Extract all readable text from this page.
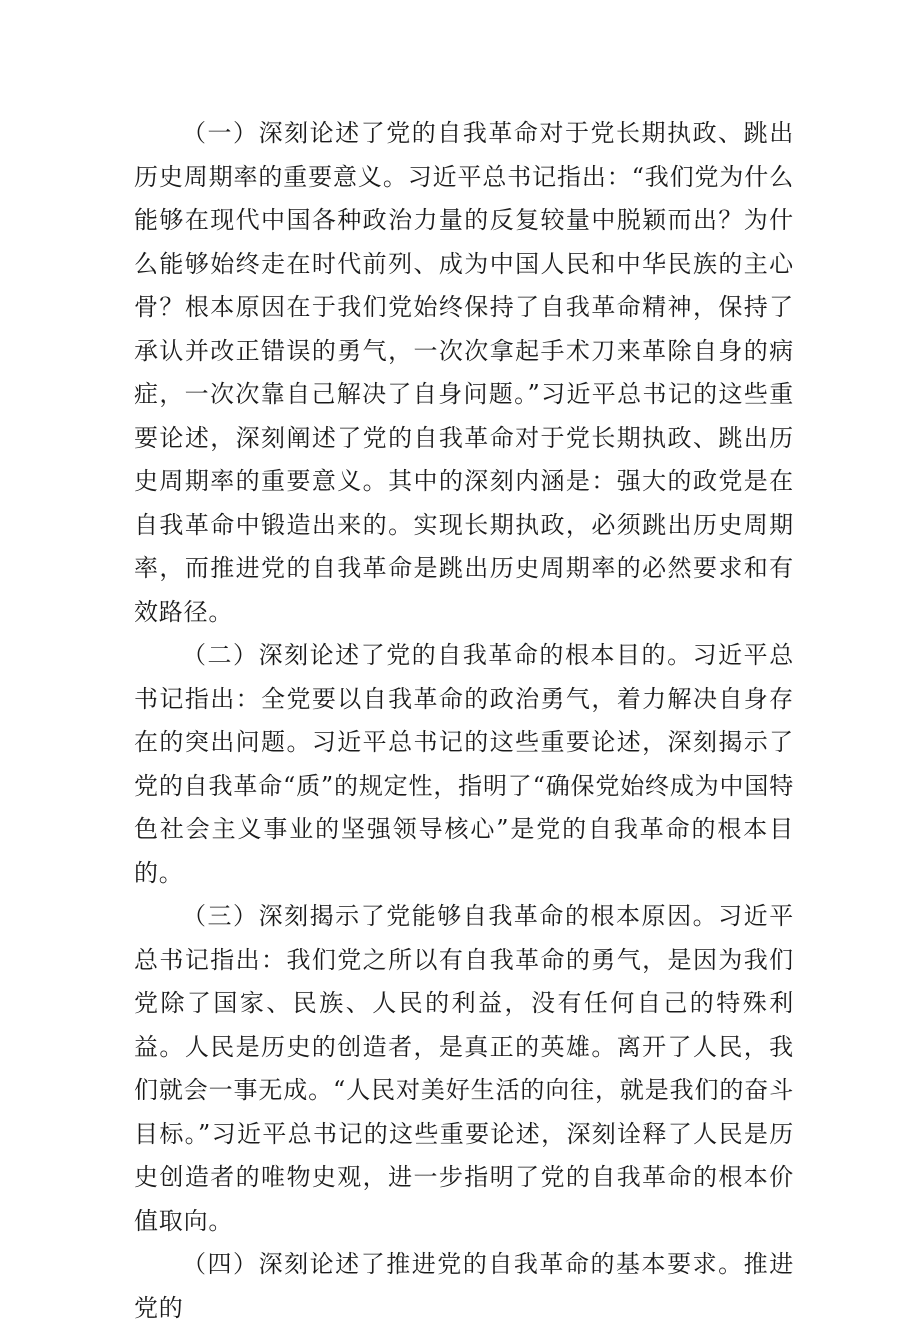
（一）深刻论述了党的自我革命对于党长期执政、跳出历史周期率的重要意义。习近平总书记指出：“我们党为什么能够在现代中国各种政治力量的反复较量中脱颖而出？为什么能够始终走在时代前列、成为中国人民和中华民族的主心骨？根本原因在于我们党始终保持了自我革命精神，保持了承认并改正错误的勇气，一次次拿起手术刀来革除自身的病症，一次次靠自己解决了自身问题。”习近平总书记的这些重要论述，深刻阐述了党的自我革命对于党长期执政、跳出历史周期率的重要意义。其中的深刻内涵是：强大的政党是在自我革命中锻造出来的。实现长期执政，必须跳出历史周期率，而推进党的自我革命是跳出历史周期率的必然要求和有效路径。

（二）深刻论述了党的自我革命的根本目的。习近平总书记指出：全党要以自我革命的政治勇气，着力解决自身存在的突出问题。习近平总书记的这些重要论述，深刻揭示了党的自我革命“质”的规定性，指明了“确保党始终成为中国特色社会主义事业的坚强领导核心”是党的自我革命的根本目的。

（三）深刻揭示了党能够自我革命的根本原因。习近平总书记指出：我们党之所以有自我革命的勇气，是因为我们党除了国家、民族、人民的利益，没有任何自己的特殊利益。人民是历史的创造者，是真正的英雄。离开了人民，我们就会一事无成。“人民对美好生活的向往，就是我们的奋斗目标。”习近平总书记的这些重要论述，深刻诠释了人民是历史创造者的唯物史观，进一步指明了党的自我革命的根本价值取向。

（四）深刻论述了推进党的自我革命的基本要求。推进党的
